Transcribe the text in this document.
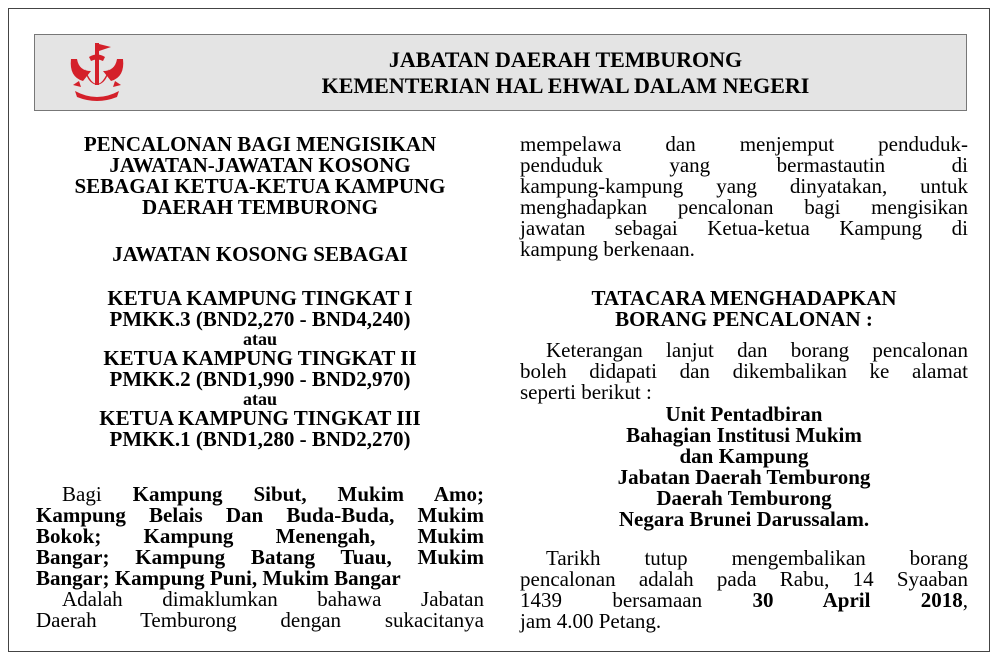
JABATAN DAERAH TEMBURONG
KEMENTERIAN HAL EHWAL DALAM NEGERI
PENCALONAN BAGI MENGISIKAN
JAWATAN-JAWATAN KOSONG
SEBAGAI KETUA-KETUA KAMPUNG
DAERAH TEMBURONG
JAWATAN KOSONG SEBAGAI
KETUA KAMPUNG TINGKAT I
PMKK.3 (BND2,270 - BND4,240)
atau
KETUA KAMPUNG TINGKAT II
PMKK.2 (BND1,990 - BND2,970)
atau
KETUA KAMPUNG TINGKAT III
PMKK.1 (BND1,280 - BND2,270)
Bagi Kampung Sibut, Mukim Amo;
Kampung Belais Dan Buda-Buda, Mukim
Bokok; Kampung Menengah, Mukim
Bangar; Kampung Batang Tuau, Mukim
Bangar; Kampung Puni, Mukim Bangar
Adalah dimaklumkan bahawa Jabatan
Daerah Temburong dengan sukacitanya
mempelawa dan menjemput penduduk-
penduduk yang bermastautin di
kampung-kampung yang dinyatakan, untuk
menghadapkan pencalonan bagi mengisikan
jawatan sebagai Ketua-ketua Kampung di
kampung berkenaan.
TATACARA MENGHADAPKAN
BORANG PENCALONAN :
Keterangan lanjut dan borang pencalonan
boleh didapati dan dikembalikan ke alamat
seperti berikut :
Unit Pentadbiran
Bahagian Institusi Mukim
dan Kampung
Jabatan Daerah Temburong
Daerah Temburong
Negara Brunei Darussalam.
Tarikh tutup mengembalikan borang
pencalonan adalah pada Rabu, 14 Syaaban
1439 bersamaan 30 April 2018,
jam 4.00 Petang.
